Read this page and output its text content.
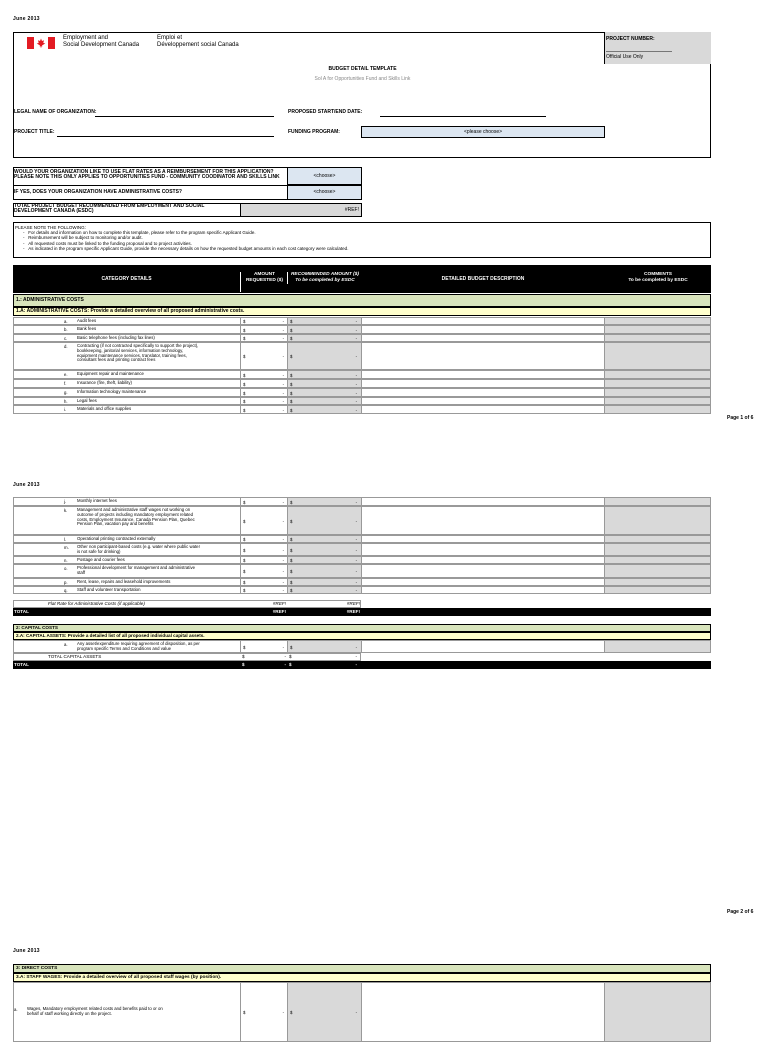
June 2013
Employment and
Social Development Canada
Emploi et
Développement social Canada
PROJECT NUMBER:
Official Use Only
BUDGET DETAIL TEMPLATE
Sol A for Opportunities Fund and Skills Link
LEGAL NAME OF ORGANIZATION:	PROPOSED START/END DATE:
PROJECT TITLE:	FUNDING PROGRAM:	<please choose>
WOULD YOUR ORGANIZATION LIKE TO USE FLAT RATES AS A REIMBURSEMENT FOR THIS APPLICATION?
PLEASE NOTE THIS ONLY APPLIES TO OPPORTUNITIES FUND - COMMUNITY COODINATOR AND SKILLS LINK	<choose>
IF YES, DOES YOUR ORGANIZATION HAVE ADMINISTRATIVE COSTS?	<choose>
TOTAL PROJECT BUDGET RECOMMENDED FROM EMPLOYMENT AND SOCIAL
DEVELOPMENT CANADA (ESDC)	#REF!
PLEASE NOTE THE FOLLOWING:
-   For details and information on how to complete this template, please refer to the program specific Applicant Guide.
-   Reimbursement will be subject to monitoring and/or audit.
-   All requested costs must be linked to the funding proposal and to project activities.
-   As indicated in the program specific Applicant Guide, provide the necessary details on how the requested budget amounts in each cost category were calculated.
CATEGORY DETAILS
AMOUNT
REQUESTED ($)
RECOMMENDED AMOUNT ($)
To be completed by ESDC	DETAILED BUDGET DESCRIPTION
COMMENTS
To be completed by ESDC
1.: ADMINISTRATIVE COSTS
1.A: ADMINISTRATIVE COSTS: Provide a detailed overview of all proposed administrative costs.
a. Audit fees	$	- $	-
b. Bank fees	$	- $	-
c. Basic telephone fees (including fax lines)	$	- $	-
d. Contracting (if not contracted specifically to support the project),
bookkeeping, janitorial services, information technology,
equipment maintenance services, translator, training fees,
consultant fees and printing contract fees
$	- $	-
e. Equipment repair and maintenance	$	- $	-
f. Insurance (fire, theft, liability)	$	- $	-
g. Information technology maintenance	$	- $	-
h. Legal fees	$	- $	-
i.	Materials and office supplies	$	- $	-
Page 1 of 6
June 2013
j.	Monthly internet fees	$	- $	-
k. Management and administrative staff wages not working on
outcome of projects including mandatory employment related
costs, Employment Insurance, Canada Pension Plan, Quebec
Pension Plan, vacation pay and benefits
$	- $	-
l.	Operational printing contracted externally	$	- $	-
m. Other non participant-based costs (e.g. water where public water
is not safe for drinking)	$	- $	-
n. Postage and courier fees	$	- $	-
o. Professional development for management and administrative
staff	$	- $	-
p. Rent, lease, repairs and leasehold improvements	$	- $	-
q. Staff and volunteer transportation	$	- $	-
Flat Rate for Administrative Costs (if applicable)	#REF!	#REF!
TOTAL	#REF!	#REF!
2: CAPITAL COSTS
2.A: CAPITAL ASSETS: Provide a detailed list of all proposed individual capital assets.
a. Any asset/expenditure requiring agreement of disposition, as per
program specific Terms and Conditions and value	$	- $	-
TOTAL CAPITAL ASSETS	$	- $	-
TOTAL	$	- $	-
Page 2 of 6
June 2013
3: DIRECT COSTS
3.A: STAFF WAGES: Provide a detailed overview of all proposed staff wages (by position).
a. Wages, Mandatory employment related costs and benefits paid to or on
behalf of staff working directly on the project.	$	- $	-
